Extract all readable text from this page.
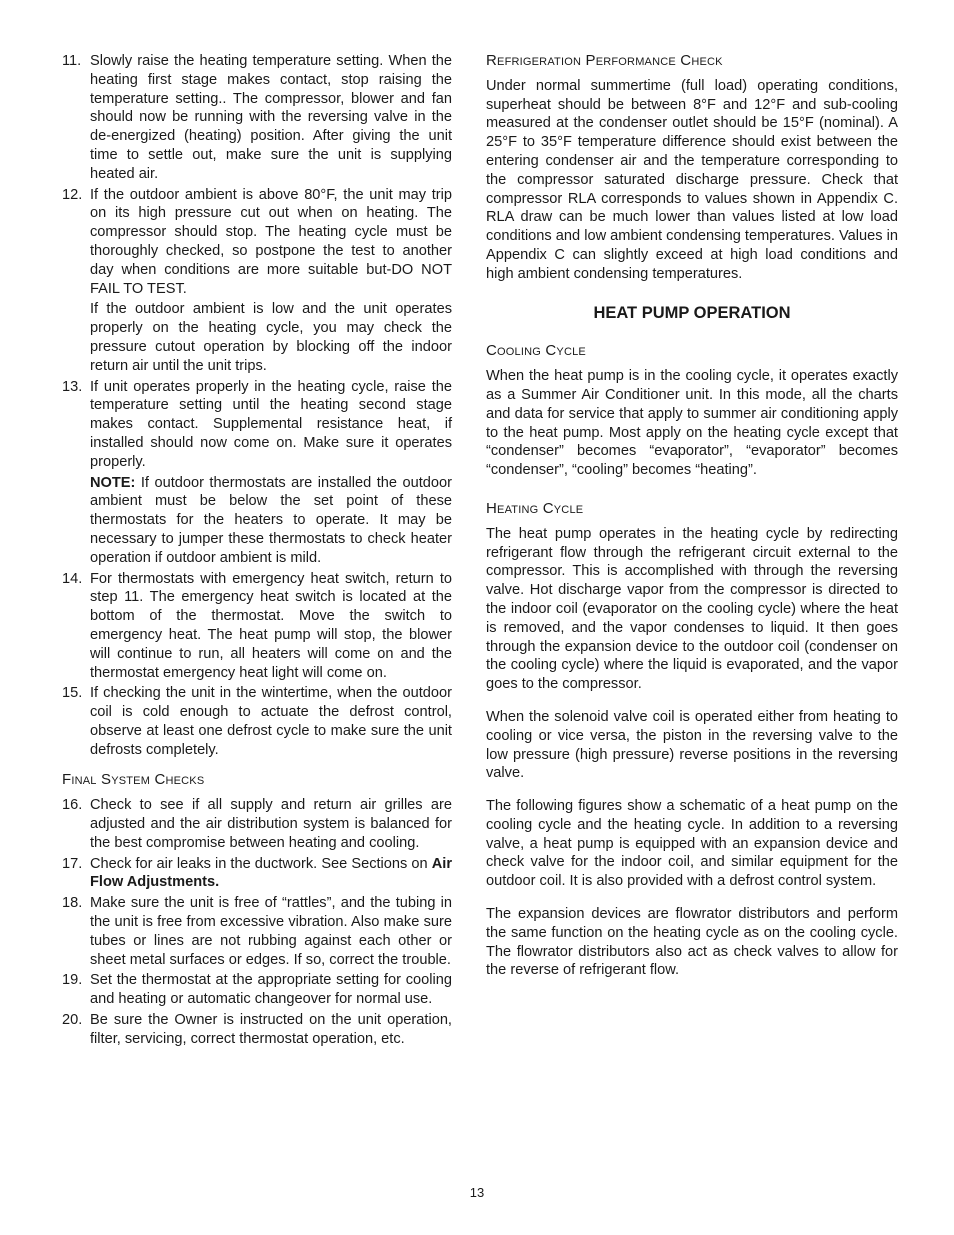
11. Slowly raise the heating temperature setting. When the heating first stage makes contact, stop raising the temperature setting.. The compressor, blower and fan should now be running with the reversing valve in the de-energized (heating) position. After giving the unit time to settle out, make sure the unit is supplying heated air.
12. If the outdoor ambient is above 80°F, the unit may trip on its high pressure cut out when on heating. The compressor should stop. The heating cycle must be thoroughly checked, so postpone the test to another day when conditions are more suitable but-DO NOT FAIL TO TEST.
If the outdoor ambient is low and the unit operates properly on the heating cycle, you may check the pressure cutout operation by blocking off the indoor return air until the unit trips.
13. If unit operates properly in the heating cycle, raise the temperature setting until the heating second stage makes contact. Supplemental resistance heat, if installed should now come on. Make sure it operates properly.
NOTE: If outdoor thermostats are installed the outdoor ambient must be below the set point of these thermostats for the heaters to operate. It may be necessary to jumper these thermostats to check heater operation if outdoor ambient is mild.
14. For thermostats with emergency heat switch, return to step 11. The emergency heat switch is located at the bottom of the thermostat. Move the switch to emergency heat. The heat pump will stop, the blower will continue to run, all heaters will come on and the thermostat emergency heat light will come on.
15. If checking the unit in the wintertime, when the outdoor coil is cold enough to actuate the defrost control, observe at least one defrost cycle to make sure the unit defrosts completely.
Final System Checks
16. Check to see if all supply and return air grilles are adjusted and the air distribution system is balanced for the best compromise between heating and cooling.
17. Check for air leaks in the ductwork. See Sections on Air Flow Adjustments.
18. Make sure the unit is free of “rattles”, and the tubing in the unit is free from excessive vibration. Also make sure tubes or lines are not rubbing against each other or sheet metal surfaces or edges. If so, correct the trouble.
19. Set the thermostat at the appropriate setting for cooling and heating or automatic changeover for normal use.
20. Be sure the Owner is instructed on the unit operation, filter, servicing, correct thermostat operation, etc.
Refrigeration Performance Check
Under normal summertime (full load) operating conditions, superheat should be between 8°F and 12°F and sub-cooling measured at the condenser outlet should be 15°F (nominal). A 25°F to 35°F temperature difference should exist between the entering condenser air and the temperature corresponding to the compressor saturated discharge pressure. Check that compressor RLA corresponds to values shown in Appendix C. RLA draw can be much lower than values listed at low load conditions and low ambient condensing temperatures. Values in Appendix C can slightly exceed at high load conditions and high ambient condensing temperatures.
HEAT PUMP OPERATION
Cooling Cycle
When the heat pump is in the cooling cycle, it operates exactly as a Summer Air Conditioner unit. In this mode, all the charts and data for service that apply to summer air conditioning apply to the heat pump. Most apply on the heating cycle except that “condenser” becomes “evaporator”, “evaporator” becomes “condenser”, “cooling” becomes “heating”.
Heating Cycle
The heat pump operates in the heating cycle by redirecting refrigerant flow through the refrigerant circuit external to the compressor. This is accomplished with through the reversing valve. Hot discharge vapor from the compressor is directed to the indoor coil (evaporator on the cooling cycle) where the heat is removed, and the vapor condenses to liquid. It then goes through the expansion device to the outdoor coil (condenser on the cooling cycle) where the liquid is evaporated, and the vapor goes to the compressor.
When the solenoid valve coil is operated either from heating to cooling or vice versa, the piston in the reversing valve to the low pressure (high pressure) reverse positions in the reversing valve.
The following figures show a schematic of a heat pump on the cooling cycle and the heating cycle. In addition to a reversing valve, a heat pump is equipped with an expansion device and check valve for the indoor coil, and similar equipment for the outdoor coil. It is also provided with a defrost control system.
The expansion devices are flowrator distributors and perform the same function on the heating cycle as on the cooling cycle. The flowrator distributors also act as check valves to allow for the reverse of refrigerant flow.
13
